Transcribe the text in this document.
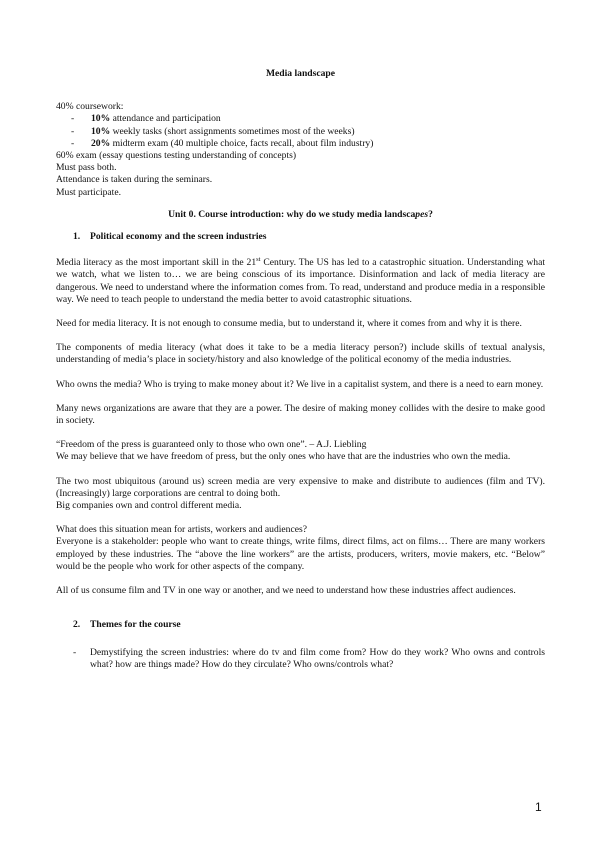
Media landscape

40% coursework:

-	10% attendance and participation
-	10% weekly tasks (short assignments sometimes most of the weeks)
-	20% midterm exam (40 multiple choice, facts recall, about film industry)

60% exam (essay questions testing understanding of concepts)

Must pass both.

Attendance is taken during the seminars.

Must participate.

Unit 0. Course introduction: why do we study media landscapes?

1.	Political economy and the screen industries

Media literacy as the most important skill in the 21st Century. The US has led to a catastrophic situation. Understanding what we watch, what we listen to… we are being conscious of its importance. Disinformation and lack of media literacy are dangerous. We need to understand where the information comes from. To read, understand and produce media in a responsible way. We need to teach people to understand the media better to avoid catastrophic situations.

Need for media literacy. It is not enough to consume media, but to understand it, where it comes from and why it is there.

The components of media literacy (what does it take to be a media literacy person?) include skills of textual analysis, understanding of media’s place in society/history and also knowledge of the political economy of the media industries.

Who owns the media? Who is trying to make money about it? We live in a capitalist system, and there is a need to earn money.

Many news organizations are aware that they are a power. The desire of making money collides with the desire to make good in society.

“Freedom of the press is guaranteed only to those who own one”. – A.J. Liebling

We may believe that we have freedom of press, but the only ones who have that are the industries who own the media.

The two most ubiquitous (around us) screen media are very expensive to make and distribute to audiences (film and TV). (Increasingly) large corporations are central to doing both.

Big companies own and control different media.

What does this situation mean for artists, workers and audiences?

Everyone is a stakeholder: people who want to create things, write films, direct films, act on films… There are many workers employed by these industries. The “above the line workers” are the artists, producers, writers, movie makers, etc. “Below” would be the people who work for other aspects of the company.

All of us consume film and TV in one way or another, and we need to understand how these industries affect audiences.

2.	Themes for the course
-	Demystifying the screen industries: where do tv and film come from? How do they work? Who owns and controls what? how are things made? How do they circulate? Who owns/controls what?
1
